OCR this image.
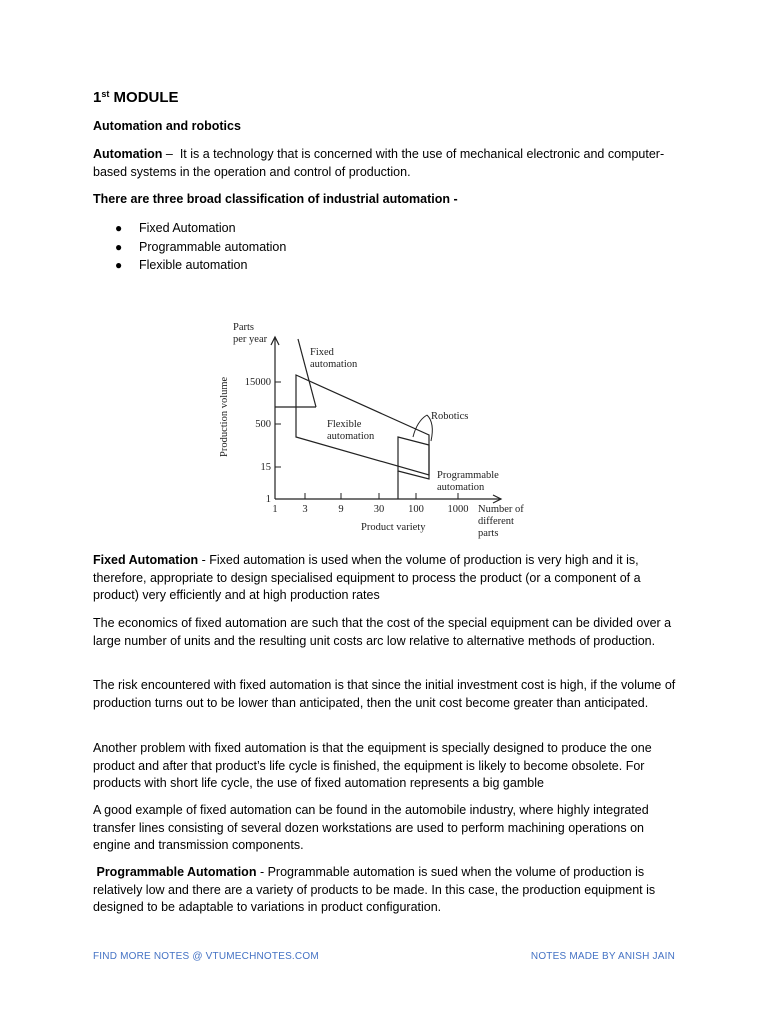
1st MODULE
Automation and robotics
Automation –  It is a technology that is concerned with the use of mechanical electronic and computer-based systems in the operation and control of production.
There are three broad classification of industrial automation -
● Fixed Automation
● Programmable automation
● Flexible automation
Fixed Automation - Fixed automation is used when the volume of production is very high and it is, therefore, appropriate to design specialised equipment to process the product (or a component of a product) very efficiently and at high production rates
The economics of fixed automation are such that the cost of the special equipment can be divided over a large number of units and the resulting unit costs arc low relative to alternative methods of production.
The risk encountered with fixed automation is that since the initial investment cost is high, if the volume of production turns out to be lower than anticipated, then the unit cost become greater than anticipated.
Another problem with fixed automation is that the equipment is specially designed to produce the one product and after that product’s life cycle is finished, the equipment is likely to become obsolete. For products with short life cycle, the use of fixed automation represents a big gamble
A good example of fixed automation can be found in the automobile industry, where highly integrated transfer lines consisting of several dozen workstations are used to perform machining operations on engine and transmission components.
Programmable Automation - Programmable automation is sued when the volume of production is relatively low and there are a variety of products to be made. In this case, the production equipment is designed to be adaptable to variations in product configuration.
FIND MORE NOTES @ VTUMECHNOTES.COM	NOTES MADE BY ANISH JAIN
Parts
per year
Production volume 15000
500
15
1
1 3	9	30 100 1000
Product variety
Number of
different
parts
Fixed
automation
Flexible
automation
Robotics
Programmable
automation
